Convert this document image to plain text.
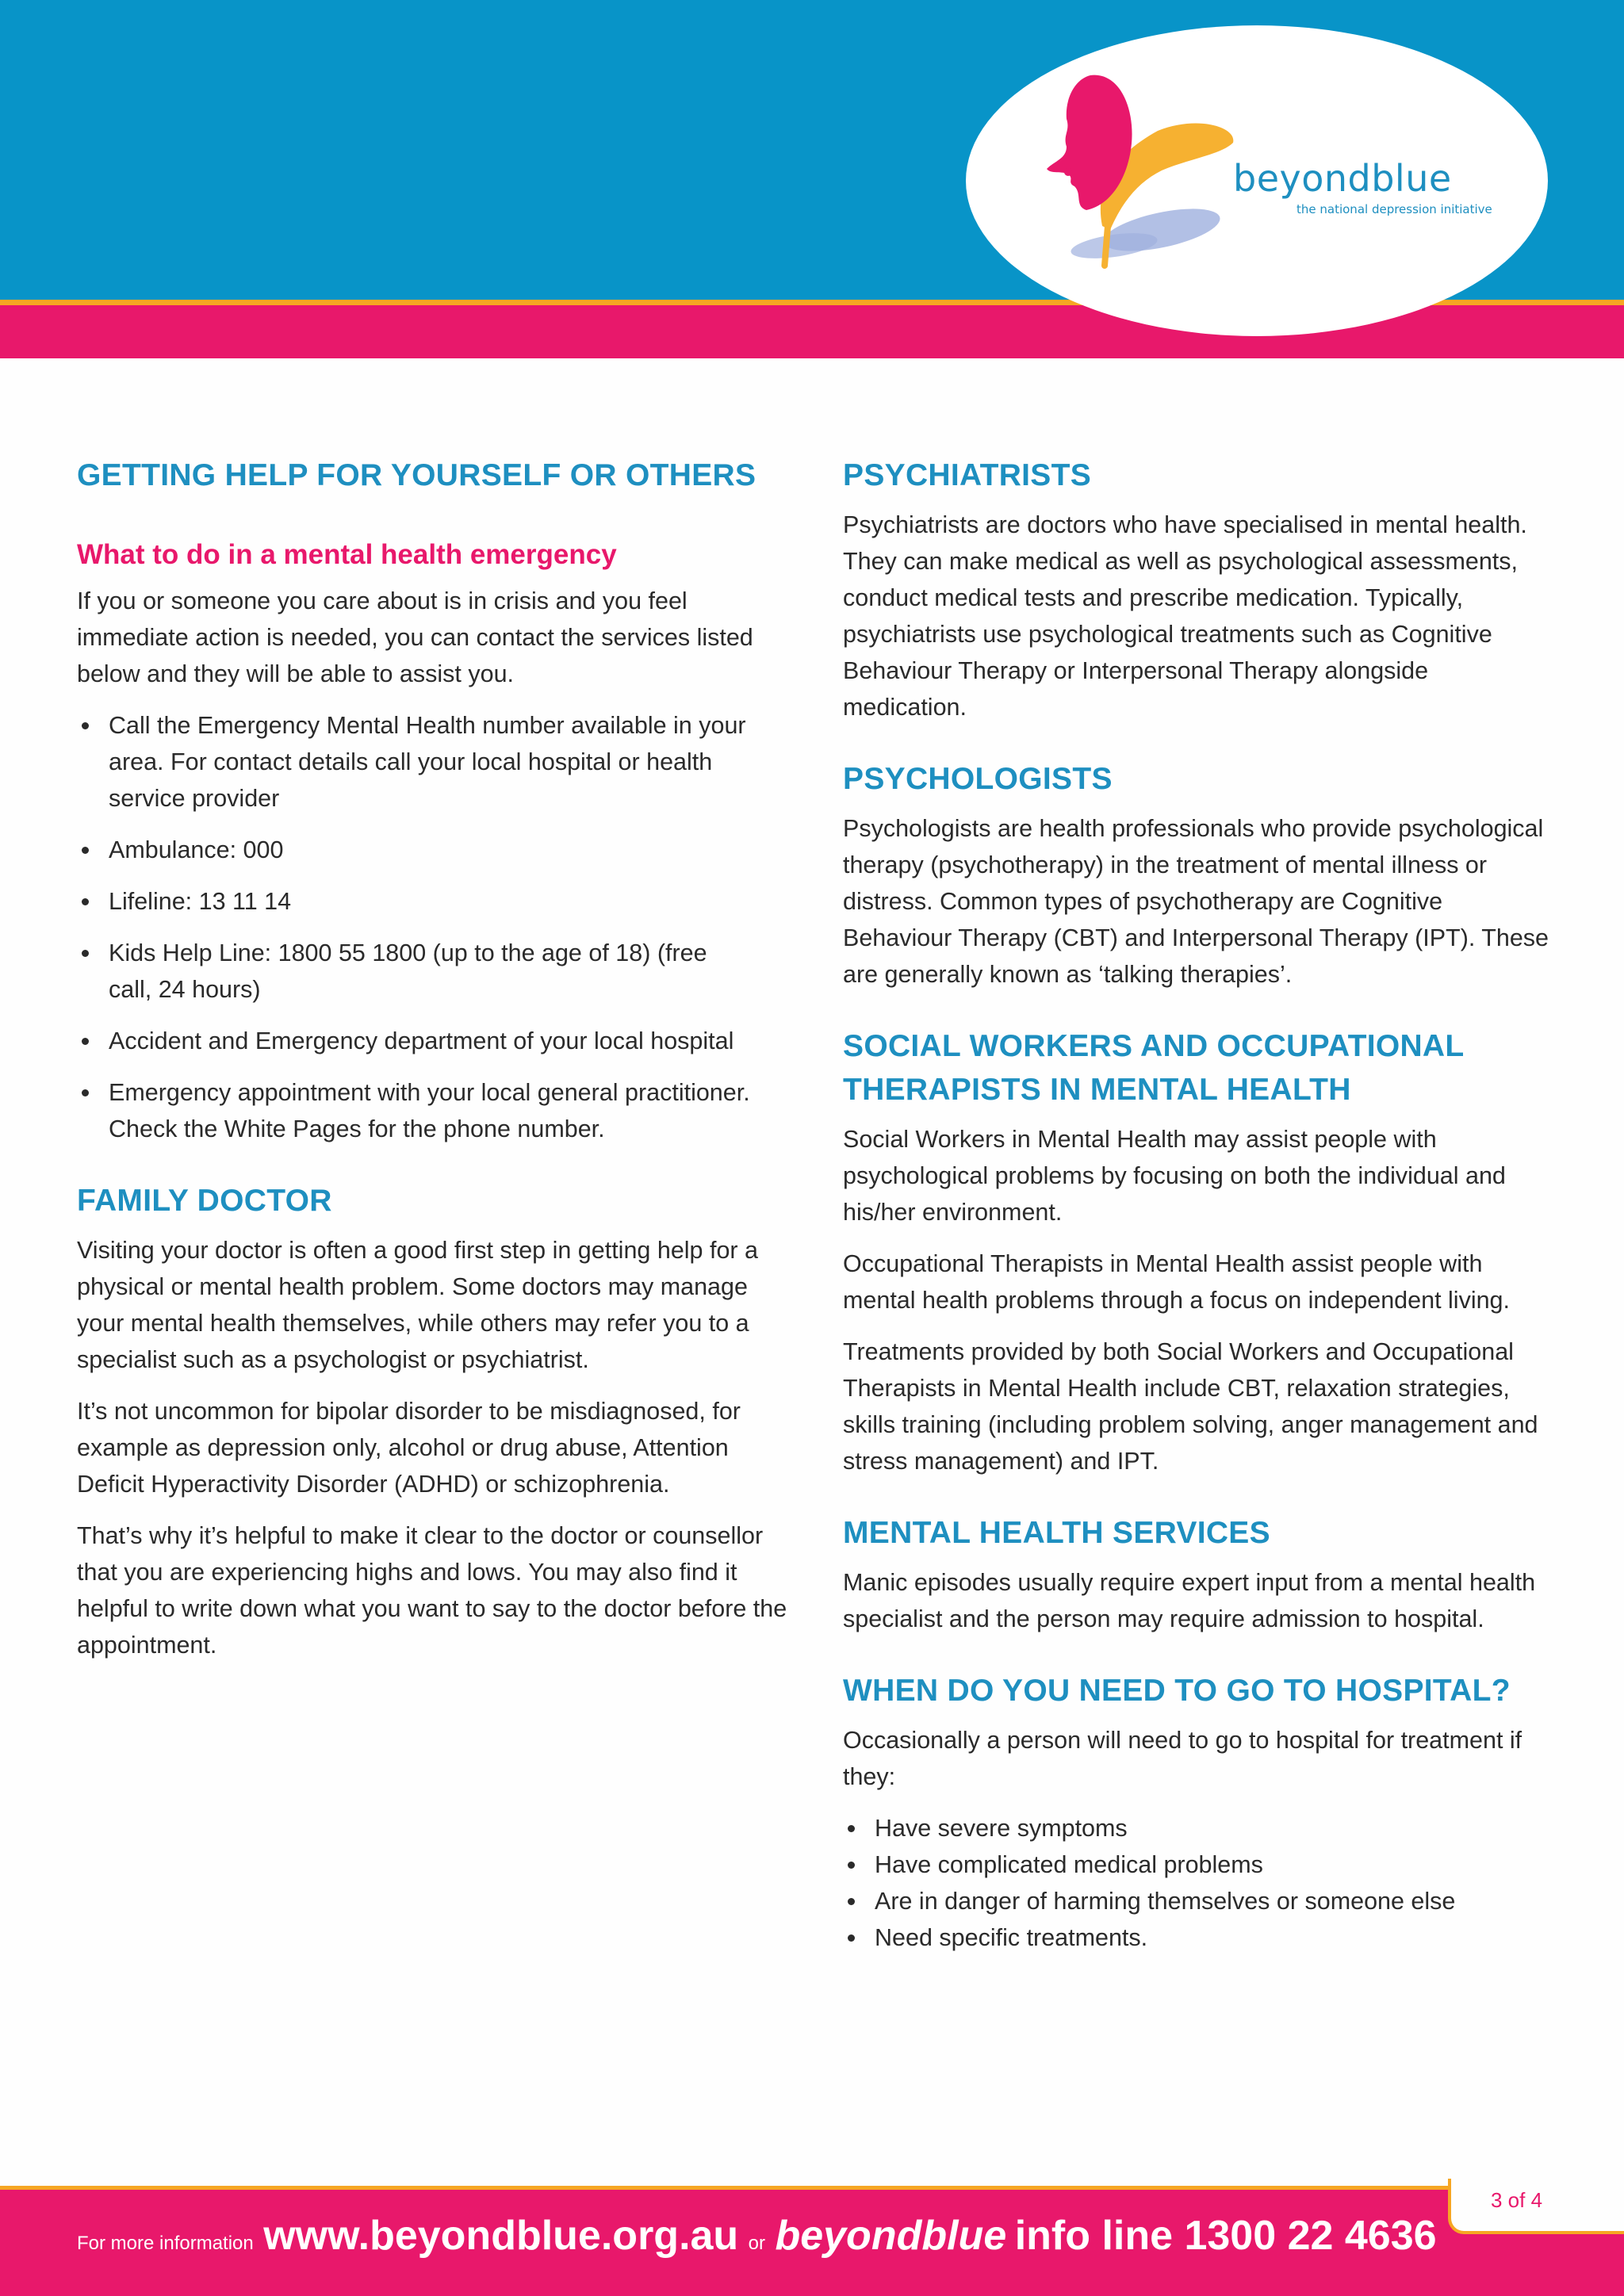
beyondblue
the national depression initiative
GETTING HELP FOR YOURSELF OR OTHERS
What to do in a mental health emergency

If you or someone you care about is in crisis and you feel immediate action is needed, you can contact the services listed below and they will be able to assist you.

Call the Emergency Mental Health number available in your area. For contact details call your local hospital or health service provider
Ambulance: 000
Lifeline: 13 11 14
Kids Help Line: 1800 55 1800 (up to the age of 18) (free call, 24 hours)
Accident and Emergency department of your local hospital
Emergency appointment with your local general practitioner. Check the White Pages for the phone number.
FAMILY DOCTOR

Visiting your doctor is often a good first step in getting help for a physical or mental health problem. Some doctors may manage your mental health themselves, while others may refer you to a specialist such as a psychologist or psychiatrist.

It’s not uncommon for bipolar disorder to be misdiagnosed, for example as depression only, alcohol or drug abuse, Attention Deficit Hyperactivity Disorder (ADHD) or schizophrenia.

That’s why it’s helpful to make it clear to the doctor or counsellor that you are experiencing highs and lows. You may also find it helpful to write down what you want to say to the doctor before the appointment.

PSYCHIATRISTS

Psychiatrists are doctors who have specialised in mental health. They can make medical as well as psychological assessments, conduct medical tests and prescribe medication. Typically, psychiatrists use psychological treatments such as Cognitive Behaviour Therapy or Interpersonal Therapy alongside medication.

PSYCHOLOGISTS

Psychologists are health professionals who provide psychological therapy (psychotherapy) in the treatment of mental illness or distress. Common types of psychotherapy are Cognitive Behaviour Therapy (CBT) and Interpersonal Therapy (IPT). These are generally known as ‘talking therapies’.

SOCIAL WORKERS AND OCCUPATIONAL THERAPISTS IN MENTAL HEALTH

Social Workers in Mental Health may assist people with psychological problems by focusing on both the individual and his/her environment.

Occupational Therapists in Mental Health assist people with mental health problems through a focus on independent living.

Treatments provided by both Social Workers and Occupational Therapists in Mental Health include CBT, relaxation strategies, skills training (including problem solving, anger management and stress management) and IPT.

MENTAL HEALTH SERVICES

Manic episodes usually require expert input from a mental health specialist and the person may require admission to hospital.

WHEN DO YOU NEED TO GO TO HOSPITAL?

Occasionally a person will need to go to hospital for treatment if they:

Have severe symptoms
Have complicated medical problems
Are in danger of harming themselves or someone else
Need specific treatments.
3 of 4
For more information www.beyondblue.org.au or beyondblue info line 1300 22 4636
